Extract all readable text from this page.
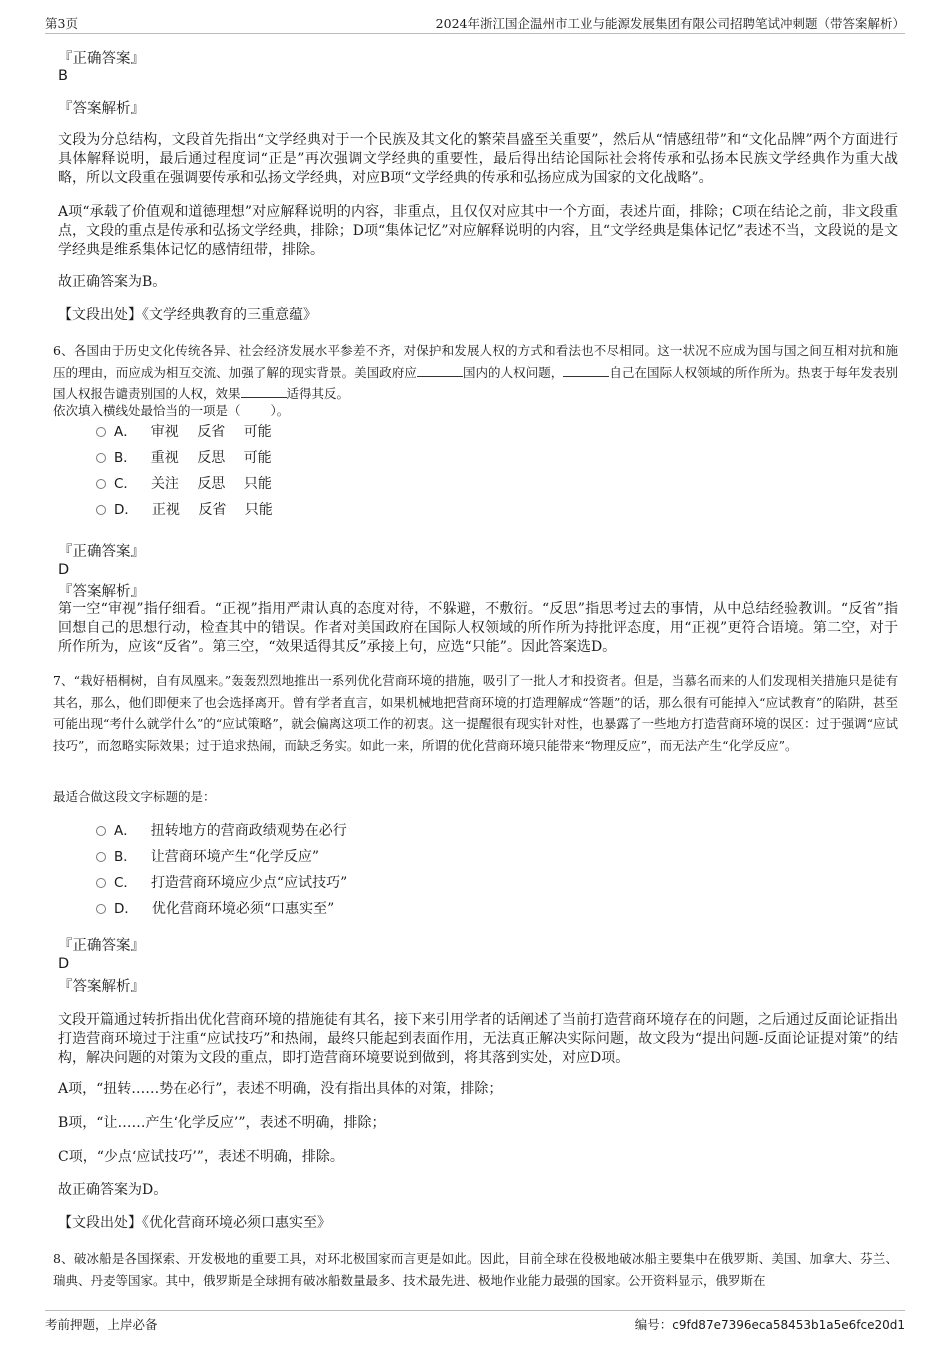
第3页	2024年浙江国企温州市工业与能源发展集团有限公司招聘笔试冲刺题（带答案解析）
『正确答案』
B
『答案解析』

文段为分总结构，文段首先指出“文学经典对于一个民族及其文化的繁荣昌盛至关重要”，然后从“情感纽带”和“文化品牌”两个方面进行具体解释说明，最后通过程度词“正是”再次强调文学经典的重要性，最后得出结论国际社会将传承和弘扬本民族文学经典作为重大战略，所以文段重在强调要传承和弘扬文学经典，对应B项“文学经典的传承和弘扬应成为国家的文化战略”。

A项“承载了价值观和道德理想”对应解释说明的内容，非重点，且仅仅对应其中一个方面，表述片面，排除；C项在结论之前，非文段重点，文段的重点是传承和弘扬文学经典，排除；D项“集体记忆”对应解释说明的内容，且“文学经典是集体记忆”表述不当，文段说的是文学经典是维系集体记忆的感情纽带，排除。

故正确答案为B。

【文段出处】《文学经典教育的三重意蕴》

6、各国由于历史文化传统各异、社会经济发展水平参差不齐，对保护和发展人权的方式和看法也不尽相同。这一状况不应成为国与国之间互相对抗和施压的理由，而应成为相互交流、加强了解的现实背景。美国政府应	国内的人权问题，	自己在国际人权领域的所作所为。热衷于每年发表别国人权报告谴责别国的人权，效果	适得其反。

依次填入横线处最恰当的一项是（ ）。

A． 审视 反省 可能
B． 重视 反思 可能
C． 关注 反思 只能
D． 正视 反省 只能
『正确答案』
D
『答案解析』

第一空“审视”指仔细看。“正视”指用严肃认真的态度对待，不躲避，不敷衍。“反思”指思考过去的事情，从中总结经验教训。“反省”指回想自己的思想行动，检查其中的错误。作者对美国政府在国际人权领域的所作所为持批评态度，用“正视”更符合语境。第二空，对于所作所为，应该“反省”。第三空，“效果适得其反”承接上句，应选“只能”。因此答案选D。

7、“栽好梧桐树，自有凤凰来。”轰轰烈烈地推出一系列优化营商环境的措施，吸引了一批人才和投资者。但是，当慕名而来的人们发现相关措施只是徒有其名，那么，他们即便来了也会选择离开。曾有学者直言，如果机械地把营商环境的打造理解成“答题”的话，那么很有可能掉入“应试教育”的陷阱，甚至可能出现“考什么就学什么”的“应试策略”，就会偏离这项工作的初衷。这一提醒很有现实针对性，也暴露了一些地方打造营商环境的误区：过于强调“应试技巧”，而忽略实际效果；过于追求热闹，而缺乏务实。如此一来，所谓的优化营商环境只能带来“物理反应”，而无法产生“化学反应”。

最适合做这段文字标题的是：

A． 扭转地方的营商政绩观势在必行
B． 让营商环境产生“化学反应”
C． 打造营商环境应少点“应试技巧”
D． 优化营商环境必须“口惠实至”
『正确答案』
D
『答案解析』

文段开篇通过转折指出优化营商环境的措施徒有其名，接下来引用学者的话阐述了当前打造营商环境存在的问题，之后通过反面论证指出打造营商环境过于注重“应试技巧”和热闹，最终只能起到表面作用，无法真正解决实际问题，故文段为“提出问题-反面论证提对策”的结构，解决问题的对策为文段的重点，即打造营商环境要说到做到，将其落到实处，对应D项。

A项，“扭转……势在必行”，表述不明确，没有指出具体的对策，排除；

B项，“让……产生‘化学反应’”，表述不明确，排除；

C项，“少点‘应试技巧’”，表述不明确，排除。

故正确答案为D。

【文段出处】《优化营商环境必须口惠实至》

8、破冰船是各国探索、开发极地的重要工具，对环北极国家而言更是如此。因此，目前全球在役极地破冰船主要集中在俄罗斯、美国、加拿大、芬兰、瑞典、丹麦等国家。其中，俄罗斯是全球拥有破冰船数量最多、技术最先进、极地作业能力最强的国家。公开资料显示，俄罗斯在

考前押题，上岸必备	编号：c9fd87e7396eca58453b1a5e6fce20d1
